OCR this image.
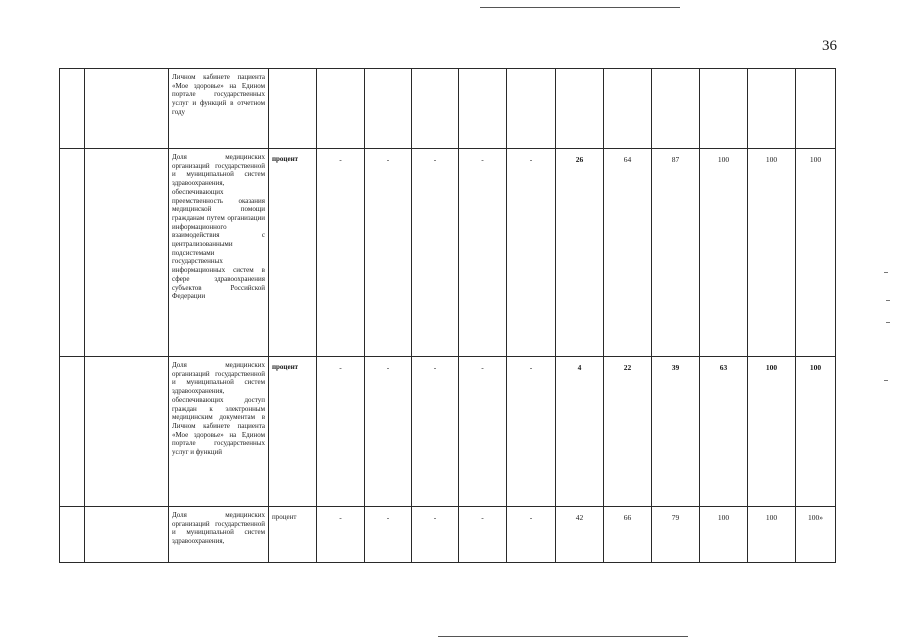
36
		Личном кабинете пациента «Мое здоровье» на Едином портале государственных услуг и функций в отчетном году												
		Доля медицинских организаций государственной и муниципальной систем здравоохранения, обеспечивающих преемственность оказания медицинской помощи гражданам путем организации информационного взаимодействия с централизованными подсистемами государственных информационных систем в сфере здравоохранения субъектов Российской Федерации	процент	-	-	-	-	-	26	64	87	100	100	100
		Доля медицинских организаций государственной и муниципальной систем здравоохранения, обеспечивающих доступ граждан к электронным медицинским документам в Личном кабинете пациента «Мое здоровье» на Едином портале государственных услуг и функций	процент	-	-	-	-	-	4	22	39	63	100	100
		Доля медицинских организаций государственной и муниципальной систем здравоохранения,	процент	-	-	-	-	-	42	66	79	100	100	100»
